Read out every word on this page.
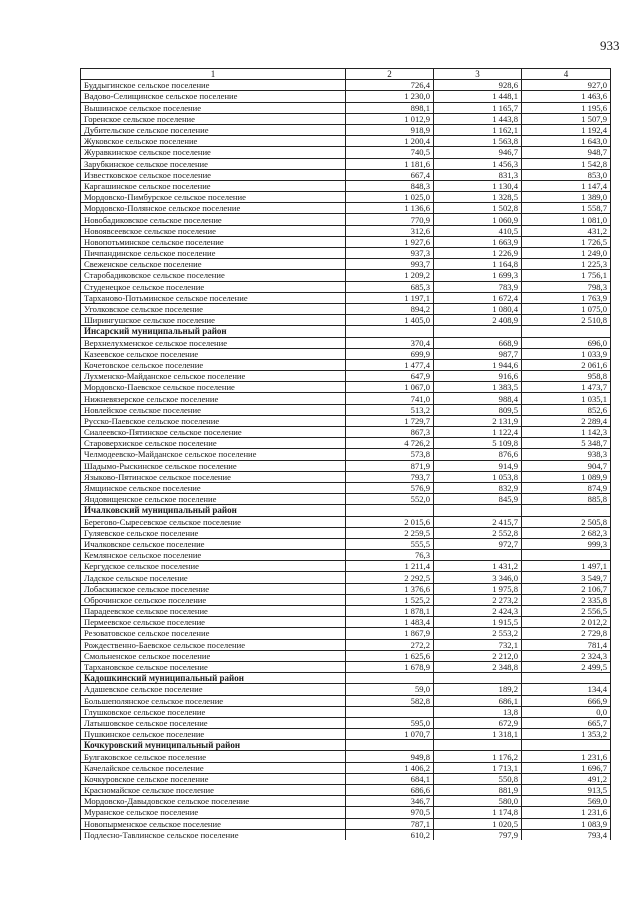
933
1	2	3	4
Буддыгинское сельское поселение	726,4	928,6	927,0
Вадово-Селищинское сельское поселение	1 230,0	1 448,1	1 463,6
Вышинское сельское поселение	898,1	1 165,7	1 195,6
Горенское сельское поселение	1 012,9	1 443,8	1 507,9
Дубительское сельское поселение	918,9	1 162,1	1 192,4
Жуковское сельское поселение	1 200,4	1 563,8	1 643,0
Журавкинское сельское поселение	740,5	946,7	948,7
Зарубкинское сельское поселение	1 181,6	1 456,3	1 542,8
Известковское сельское поселение	667,4	831,3	853,0
Каргашинское сельское поселение	848,3	1 130,4	1 147,4
Мордовско-Пимбурское сельское поселение	1 025,0	1 328,5	1 389,0
Мордовско-Полянское сельское поселение	1 136,6	1 502,8	1 558,7
Новобадиковское сельское поселение	770,9	1 060,9	1 081,0
Новоявсеевское сельское поселение	312,6	410,5	431,2
Новопотьминское сельское поселение	1 927,6	1 663,9	1 726,5
Пичпандинское сельское поселение	937,3	1 226,9	1 249,0
Свеженское сельское поселение	993,7	1 164,8	1 225,3
Старобадиковское сельское поселение	1 209,2	1 699,3	1 756,1
Студенецкое сельское поселение	685,3	783,9	798,3
Тарханово-Потьминское сельское поселение	1 197,1	1 672,4	1 763,9
Уголковское сельское поселение	894,2	1 080,4	1 075,0
Ширингушское сельское поселение	1 405,0	2 408,9	2 510,8
Инсарский муниципальный район			
Верхнелухменское сельское поселение	370,4	668,9	696,0
Казеевское сельское поселение	699,9	987,7	1 033,9
Кочетовское сельское поселение	1 477,4	1 944,6	2 061,6
Лухменско-Майданское сельское поселение	647,9	916,6	958,8
Мордовско-Паевское сельское поселение	1 067,0	1 383,5	1 473,7
Нижневязерское сельское поселение	741,0	988,4	1 035,1
Новлейское сельское поселение	513,2	809,5	852,6
Русско-Паевское сельское поселение	1 729,7	2 131,9	2 289,4
Сиалеевско-Пятинское сельское поселение	867,3	1 122,4	1 142,3
Староверхиское сельское поселение	4 726,2	5 109,8	5 348,7
Челмодеевско-Майданское сельское поселение	573,8	876,6	938,3
Шадымо-Рыскинское сельское поселение	871,9	914,9	904,7
Языково-Пятинское сельское поселение	793,7	1 053,8	1 089,9
Ямщинское сельское поселение	576,9	832,9	874,9
Яндовищенское сельское поселение	552,0	845,9	885,8
Ичалковский муниципальный район			
Берегово-Сыресевское сельское поселение	2 015,6	2 415,7	2 505,8
Гуляевское сельское поселение	2 259,5	2 552,8	2 682,3
Ичалковское сельское поселение	555,5	972,7	999,3
Кемлянское сельское поселение	76,3		
Кергудское сельское поселение	1 211,4	1 431,2	1 497,1
Ладское сельское поселение	2 292,5	3 346,0	3 549,7
Лобаскинское сельское поселение	1 376,6	1 975,8	2 106,7
Оброчинское сельское поселение	1 525,2	2 273,2	2 335,8
Парадеевское сельское поселение	1 878,1	2 424,3	2 556,5
Пермеевское сельское поселение	1 483,4	1 915,5	2 012,2
Резоватовское сельское поселение	1 867,9	2 553,2	2 729,8
Рождественно-Баевское сельское поселение	272,2	732,1	781,4
Смольненское сельское поселение	1 625,6	2 212,0	2 324,3
Тархановское сельское поселение	1 678,9	2 348,8	2 499,5
Кадошкинский муниципальный район			
Адашевское сельское поселение	59,0	189,2	134,4
Большеполянское сельское поселение	582,8	686,1	666,9
Глушковское сельское поселение		13,8	0,0
Латышовское сельское поселение	595,0	672,9	665,7
Пушкинское сельское поселение	1 070,7	1 318,1	1 353,2
Кочкуровский муниципальный район			
Булгаковское сельское поселение	949,8	1 176,2	1 231,6
Качелайское сельское поселение	1 406,2	1 713,1	1 696,7
Кочкуровское сельское поселение	684,1	550,8	491,2
Красномайское сельское поселение	686,6	881,9	913,5
Мордовско-Давыдовское сельское поселение	346,7	580,0	569,0
Муранское сельское поселение	970,5	1 174,8	1 231,6
Новопырменское сельское поселение	787,1	1 020,5	1 083,9
Подлесно-Тавлинское сельское поселение	610,2	797,9	793,4
